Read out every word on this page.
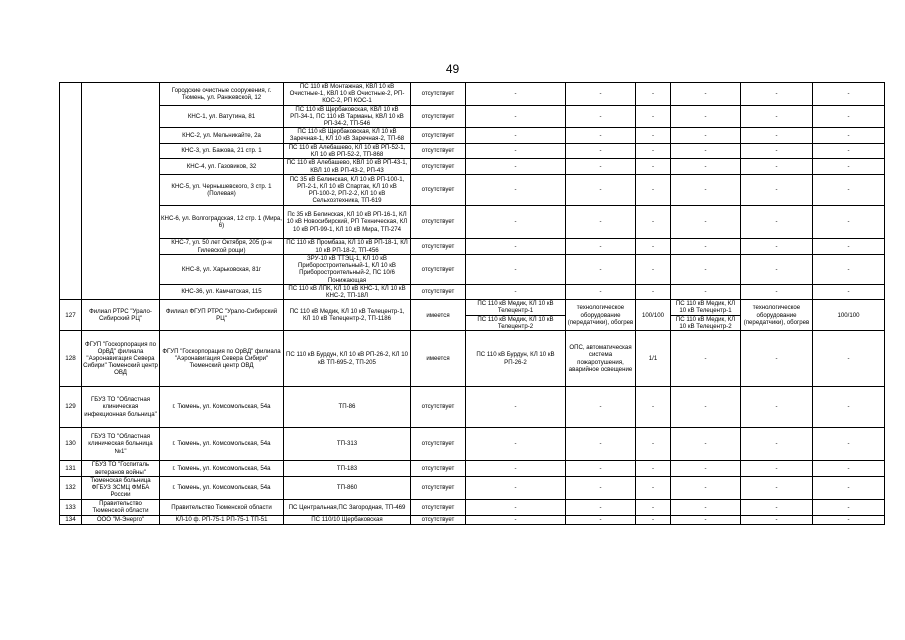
49
		Городские очистные сооружения, г. Тюмень, ул. Ранжевской, 12	ПС 110 кВ Монтажная, КВЛ 10 кВ Очистные-1, КВЛ 10 кВ Очистные-2, РП-КОС-2, РП КОС-1	отсутствует	-	-	-	-	-	-
		КНС-1, ул. Ватутина, 81	ПС 110 кВ Щербаковская, КВЛ 10 кВ РП-34-1, ПС 110 кВ Тарманы, КВЛ 10 кВ РП-34-2, ТП-546	отсутствует	-	-	-	-	-	-
		КНС-2, ул. Мельникайте, 2а	ПС 110 кВ Щербаковская, КЛ 10 кВ Заречная-1, КЛ 10 кВ Заречная-2, ТП-68	отсутствует	-	-	-	-	-	-
		КНС-3, ул. Бажова, 21 стр. 1	ПС 110 кВ Алебашево, КЛ 10 кВ РП-52-1, КЛ 10 кВ РП-52-2, ТП-868	отсутствует	-	-	-	-	-	-
		КНС-4, ул. Газовиков, 32	ПС 110 кВ Алебашево, КВЛ 10 кВ РП-43-1, КВЛ 10 кВ РП-43-2, РП-43	отсутствует	-	-	-	-	-	-
		КНС-5, ул. Чернышевского, 3 стр. 1 (Полевая)	ПС 35 кВ Белинская, КЛ 10 кВ РП-100-1, РП-2-1, КЛ 10 кВ Спартак, КЛ 10 кВ РП-100-2, РП-2-2, КЛ 10 кВ Сельхозтехника, ТП-619	отсутствует	-	-	-	-	-	-
		КНС-6, ул. Волгоградская, 12 стр. 1 (Мира, 6)	Пс 35 кВ Белинская, КЛ 10 кВ РП-16-1, КЛ 10 кВ Новосибирский, РП Техническая, КЛ 10 кВ РП-99-1, КЛ 10 кВ Мира, ТП-274	отсутствует	-	-	-	-	-	-
		КНС-7, ул. 50 лет Октября, 205 (р-н Гилевской рощи)	ПС 110 кВ Промбаза, КЛ 10 кВ РП-18-1, КЛ 10 кВ РП-18-2, ТП-456	отсутствует	-	-	-	-	-	-
		КНС-8, ул. Харьковская, 81г	ЗРУ-10 кВ ТТЭЦ-1, КЛ 10 кВ Приборостроительный-1, КЛ 10 кВ Приборостроительный-2, ПС 10/6 Понижающая	отсутствует	-	-	-	-	-	-
		КНС-36, ул. Камчатская, 115	ПС 110 кВ ЛПК, КЛ 10 кВ КНС-1, КЛ 10 кВ КНС-2, ТП-18Л	отсутствует	-	-	-	-	-	-
127	Филиал РТРС "Урало-Сибирский РЦ"	Филиал ФГУП РТРС "Урало-Сибирский РЦ"	ПС 110 кВ Медик, КЛ 10 кВ Телецентр-1, КЛ 10 кВ Телецентр-2, ТП-1186	имеется	ПС 110 кВ Медик, КЛ 10 кВ Телецентр-1	технологическое оборудование (передатчики), обогрев	100/100	ПС 110 кВ Медик, КЛ 10 кВ Телецентр-1	технологическое оборудование (передатчики), обогрев	100/100
					ПС 110 кВ Медик, КЛ 10 кВ Телецентр-2			ПС 110 кВ Медик, КЛ 10 кВ Телецентр-2		
128	ФГУП "Госкорпорация по ОрВД" филиала "Аэронавигация Севера Сибири" Тюменский центр ОВД	ФГУП "Госкорпорация по ОрВД" филиала "Аэронавигация Севера Сибири" Тюменский центр ОВД	ПС 110 кВ Бурдун, КЛ 10 кВ РП-26-2, КЛ 10 кВ ТП-695-2, ТП-205	имеется	ПС 110 кВ Бурдун, КЛ 10 кВ РП-26-2	ОПС, автоматическая система пожаротушения, аварийное освещение	1/1	-	-	-
129	ГБУЗ ТО "Областная клиническая инфекционная больница"	г. Тюмень, ул. Комсомольская, 54а	ТП-86	отсутствует	-	-	-	-	-	-
130	ГБУЗ ТО "Областная клиническая больница №1"	г. Тюмень, ул. Комсомольская, 54а	ТП-313	отсутствует	-	-	-	-	-	-
131	ГБУЗ ТО "Госпиталь ветеранов войны"	г. Тюмень, ул. Комсомольская, 54а	ТП-183	отсутствует	-	-	-	-	-	-
132	Тюменская больница ФГБУЗ ЗСМЦ ФМБА России	г. Тюмень, ул. Комсомольская, 54а	ТП-860	отсутствует	-	-	-	-	-	-
133	Правительство Тюменской области	Правительство Тюменской области	ПС Центральная,ПС Загородная, ТП-469	отсутствует	-	-	-	-	-	-
134	ООО "М-Энерго"	КЛ-10 ф. РП-75-1 РП-75-1 ТП-51	ПС 110/10 Щербаковская	отсутствует	-	-	-	-	-	-
